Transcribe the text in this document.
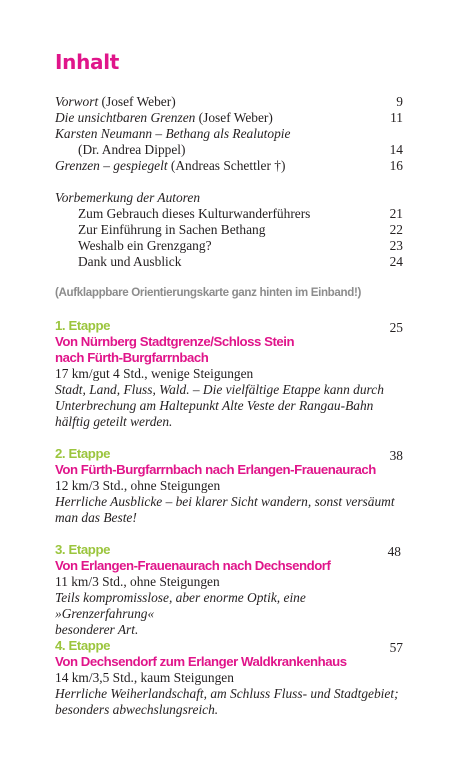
Inhalt
Vorwort (Josef Weber)	9
Die unsichtbaren Grenzen (Josef Weber)	11
Karsten Neumann – Bethang als Realutopie
(Dr. Andrea Dippel)	14
Grenzen – gespiegelt (Andreas Schettler †)	16
Vorbemerkung der Autoren
Zum Gebrauch dieses Kulturwanderführers	21
Zur Einführung in Sachen Bethang	22
Weshalb ein Grenzgang?	23
Dank und Ausblick	24
(Aufklappbare Orientierungskarte ganz hinten im Einband!)
1. Etappe	25
Von Nürnberg Stadtgrenze/Schloss Stein
nach Fürth-Burgfarrnbach
17 km/gut 4 Std., wenige Steigungen
Stadt, Land, Fluss, Wald. – Die vielfältige Etappe kann durch
Unterbrechung am Haltepunkt Alte Veste der Rangau-Bahn
hälftig geteilt werden.
2. Etappe	38
Von Fürth-Burgfarrnbach nach Erlangen-Frauenaurach
12 km/3 Std., ohne Steigungen
Herrliche Ausblicke – bei klarer Sicht wandern, sonst versäumt
man das Beste!
3. Etappe	48
Von Erlangen-Frauenaurach nach Dechsendorf
11 km/3 Std., ohne Steigungen
Teils kompromisslose, aber enorme Optik, eine »Grenzerfahrung«
besonderer Art.
4. Etappe	57
Von Dechsendorf zum Erlanger Waldkrankenhaus
14 km/3,5 Std., kaum Steigungen
Herrliche Weiherlandschaft, am Schluss Fluss- und Stadtgebiet;
besonders abwechslungsreich.
